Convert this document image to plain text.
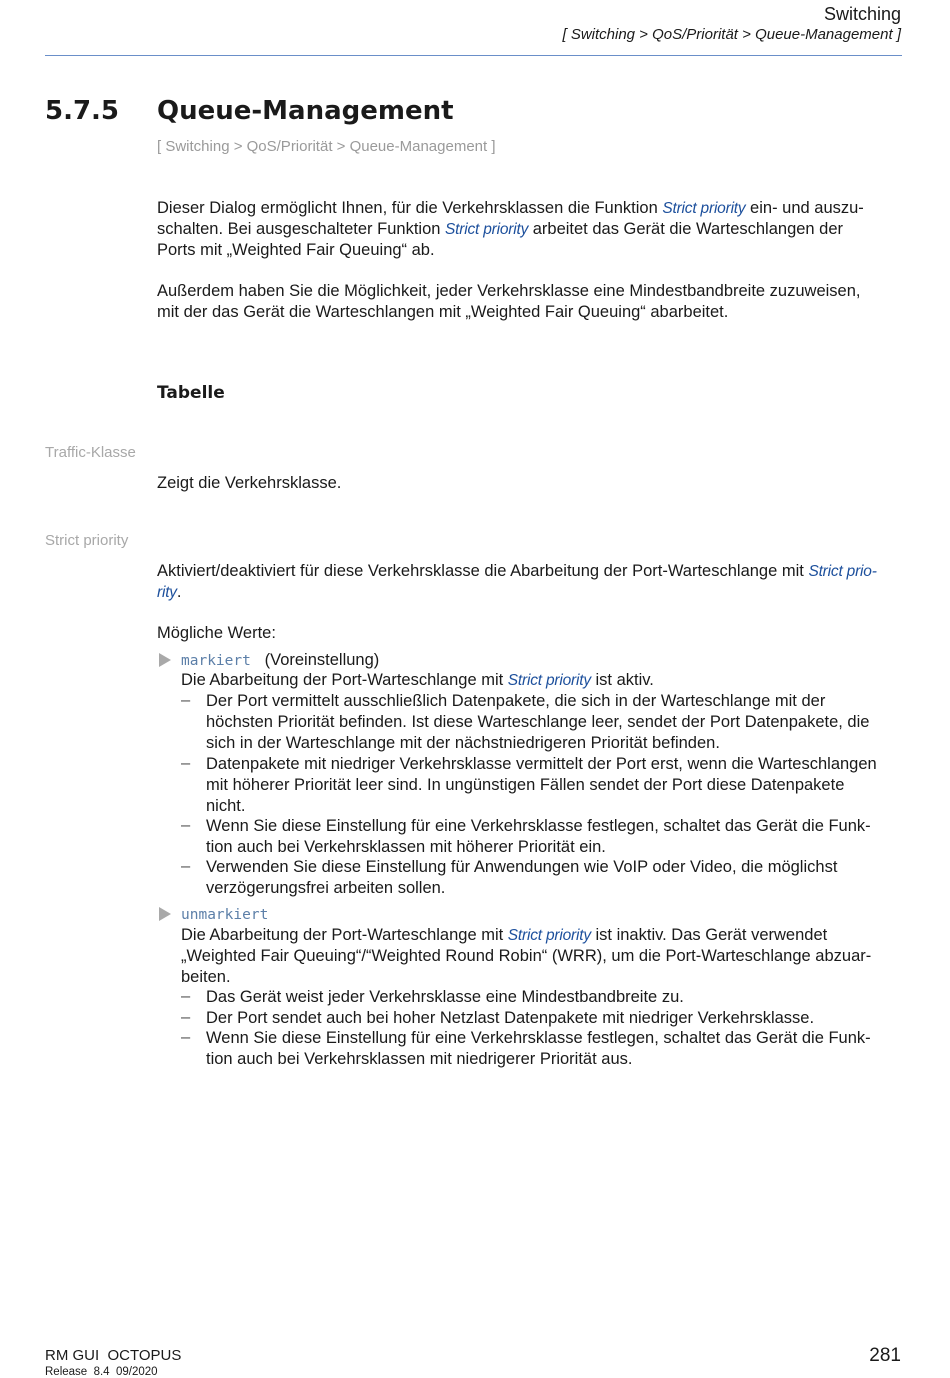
Switching
[ Switching > QoS/Priorität > Queue-Management ]
5.7.5 Queue-Management
[ Switching > QoS/Priorität > Queue-Management ]
Dieser Dialog ermöglicht Ihnen, für die Verkehrsklassen die Funktion Strict priority ein- und auszu-
schalten. Bei ausgeschalteter Funktion Strict priority arbeitet das Gerät die Warteschlangen der
Ports mit „Weighted Fair Queuing“ ab.
Außerdem haben Sie die Möglichkeit, jeder Verkehrsklasse eine Mindestbandbreite zuzuweisen,
mit der das Gerät die Warteschlangen mit „Weighted Fair Queuing“ abarbeitet.
Tabelle
Traffic-Klasse
Zeigt die Verkehrsklasse.
Strict priority
Aktiviert/deaktiviert für diese Verkehrsklasse die Abarbeitung der Port-Warteschlange mit Strict prio-
rity.
Mögliche Werte:
markiert (Voreinstellung)
Die Abarbeitung der Port-Warteschlange mit Strict priority ist aktiv.
– Der Port vermittelt ausschließlich Datenpakete, die sich in der Warteschlange mit der
höchsten Priorität befinden. Ist diese Warteschlange leer, sendet der Port Datenpakete, die
sich in der Warteschlange mit der nächstniedrigeren Priorität befinden.
– Datenpakete mit niedriger Verkehrsklasse vermittelt der Port erst, wenn die Warteschlangen
mit höherer Priorität leer sind. In ungünstigen Fällen sendet der Port diese Datenpakete
nicht.
– Wenn Sie diese Einstellung für eine Verkehrsklasse festlegen, schaltet das Gerät die Funk-
tion auch bei Verkehrsklassen mit höherer Priorität ein.
– Verwenden Sie diese Einstellung für Anwendungen wie VoIP oder Video, die möglichst
verzögerungsfrei arbeiten sollen.
unmarkiert
Die Abarbeitung der Port-Warteschlange mit Strict priority ist inaktiv. Das Gerät verwendet
„Weighted Fair Queuing“/“Weighted Round Robin“ (WRR), um die Port-Warteschlange abzuar-
beiten.
– Das Gerät weist jeder Verkehrsklasse eine Mindestbandbreite zu.
– Der Port sendet auch bei hoher Netzlast Datenpakete mit niedriger Verkehrsklasse.
– Wenn Sie diese Einstellung für eine Verkehrsklasse festlegen, schaltet das Gerät die Funk-
tion auch bei Verkehrsklassen mit niedrigerer Priorität aus.
RM GUI  OCTOPUS
Release  8.4  09/2020
281
